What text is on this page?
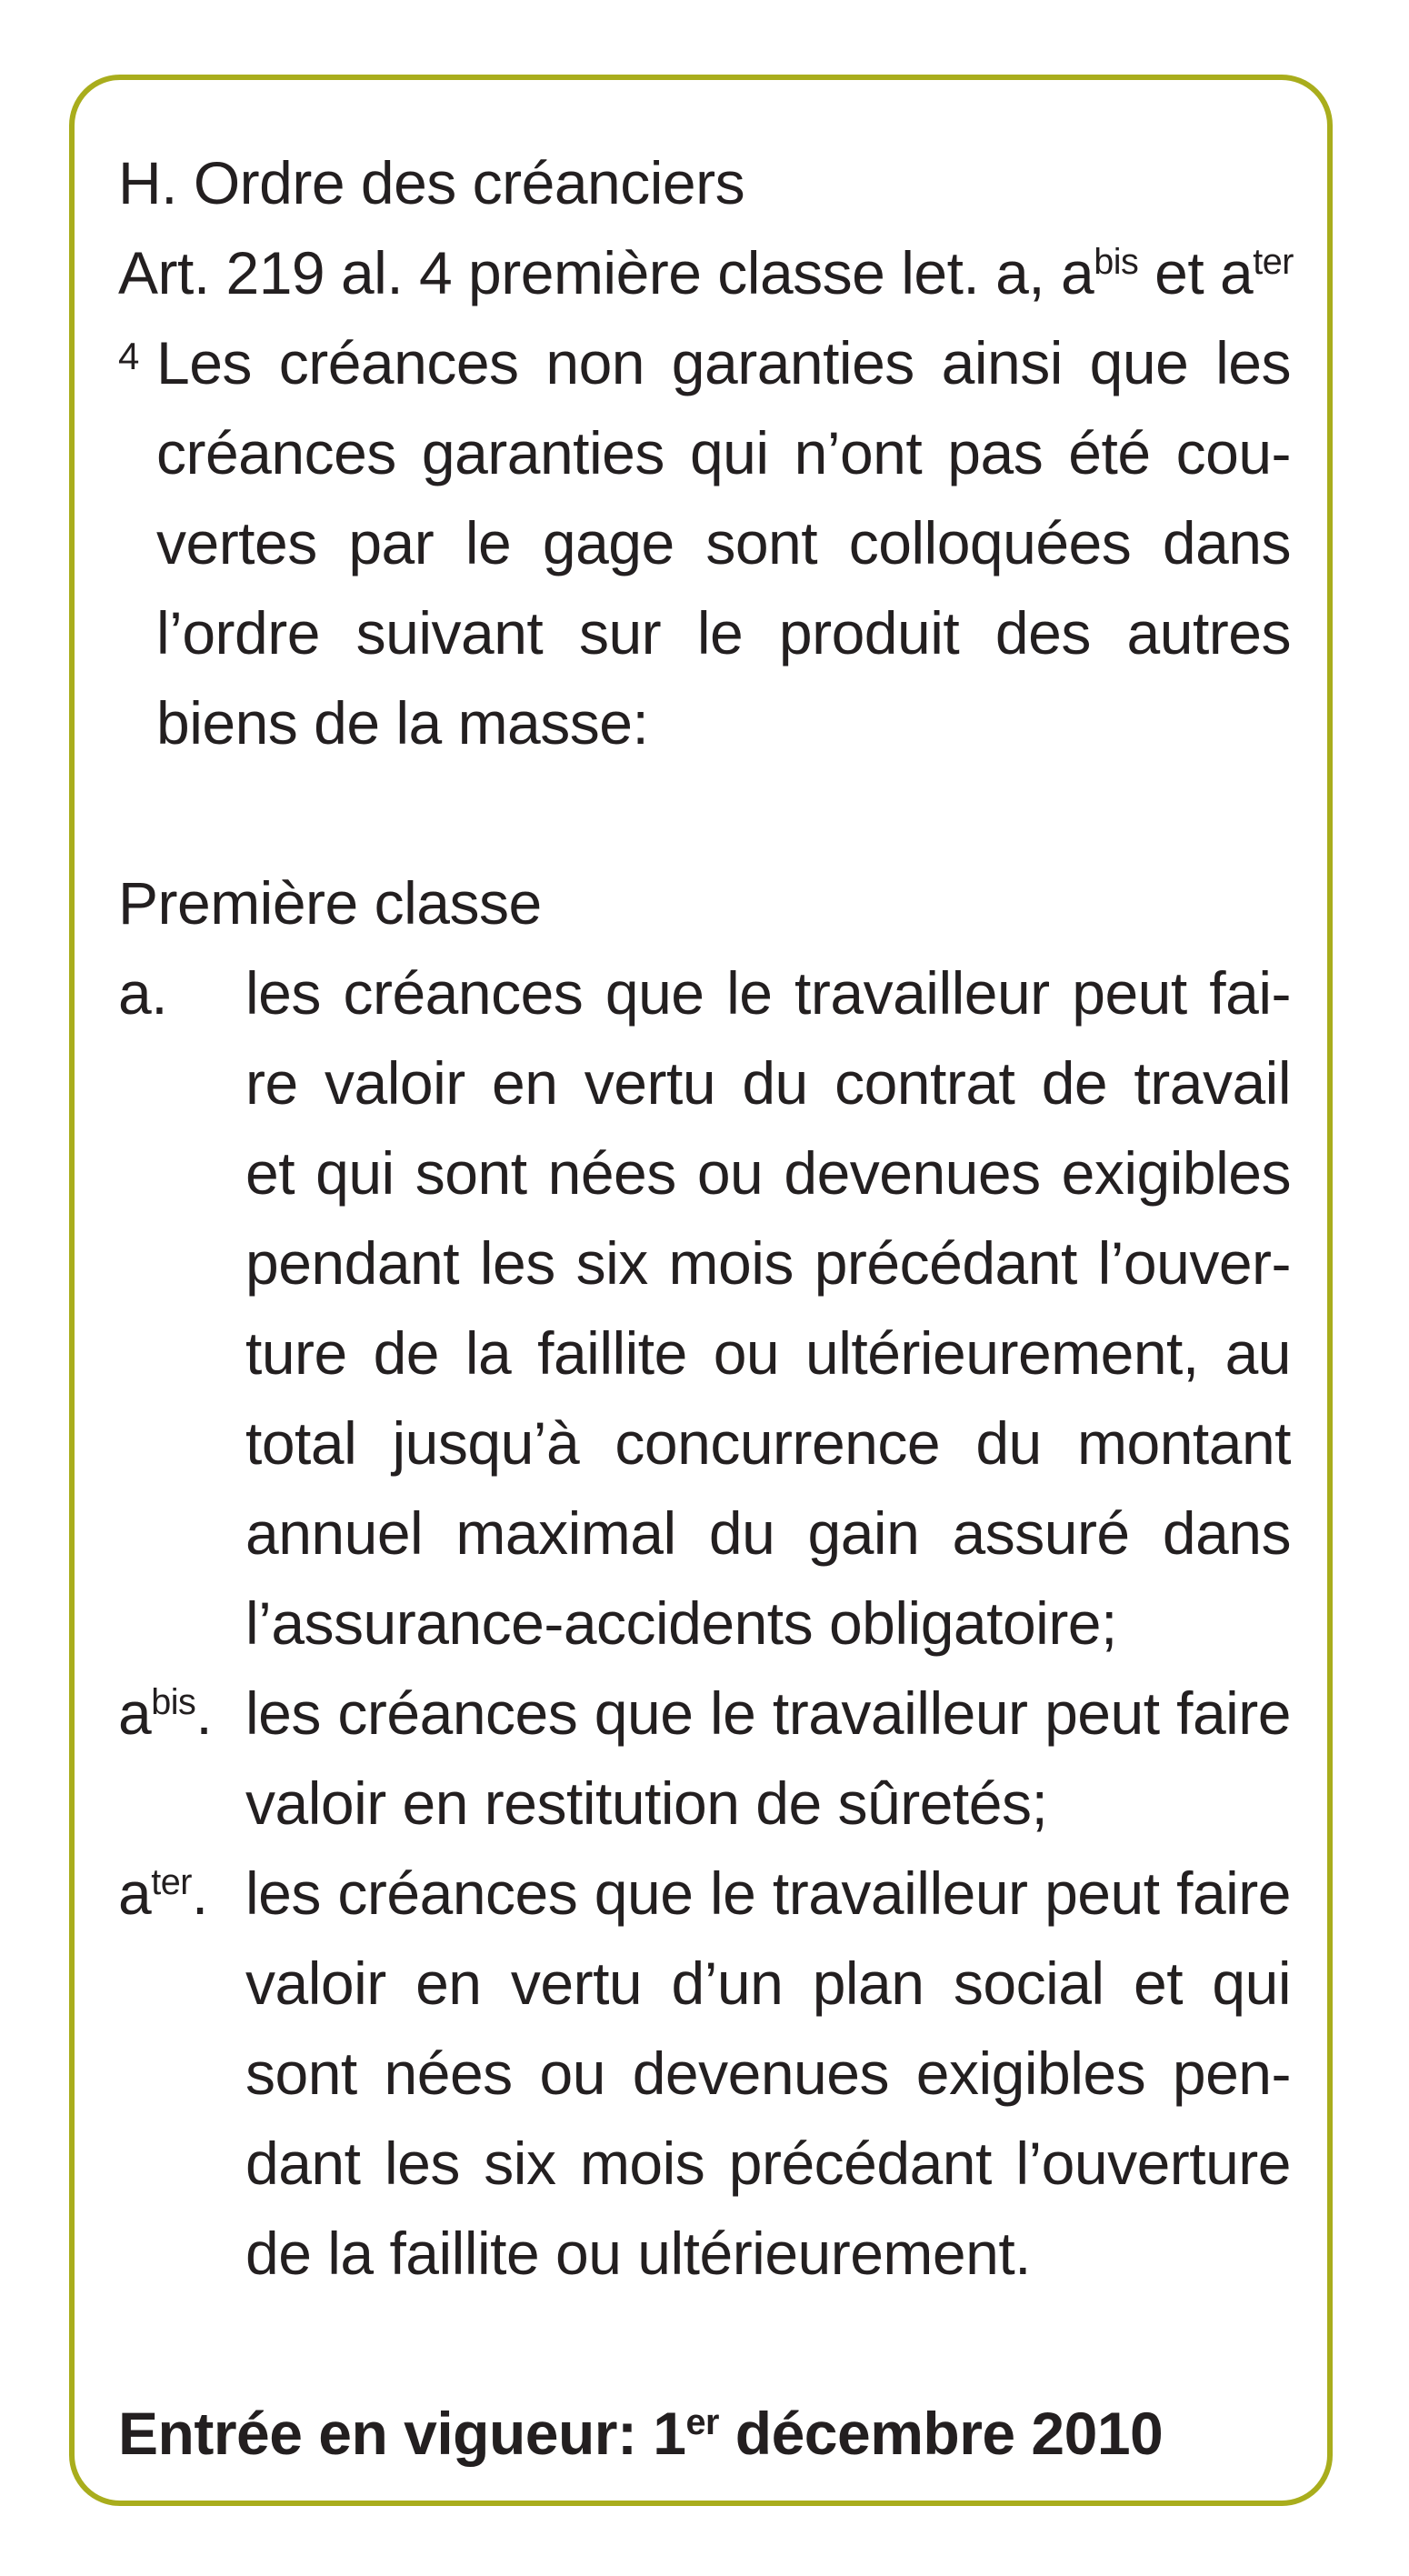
H. Ordre des créanciers
Art. 219 al. 4 première classe let. a, $a^{bis}$ et $a^{ter}$
4 Les créances non garanties ainsi que les
créances garanties qui n’ont pas été cou-
vertes par le gage sont colloquées dans
l’ordre suivant sur le produit des autres
biens de la masse:
Première classe
a. les créances que le travailleur peut fai-
re valoir en vertu du contrat de travail
et qui sont nées ou devenues exigibles
pendant les six mois précédant l’ouver-
ture de la faillite ou ultérieurement, au
total jusqu’à concurrence du montant
annuel maximal du gain assuré dans
l’assurance-accidents obligatoire;
$a^{bis}$. les créances que le travailleur peut faire
valoir en restitution de sûretés;
$a^{ter}$. les créances que le travailleur peut faire
valoir en vertu d’un plan social et qui
sont nées ou devenues exigibles pen-
dant les six mois précédant l’ouverture
de la faillite ou ultérieurement.
Entrée en vigueur: 1er décembre 2010
